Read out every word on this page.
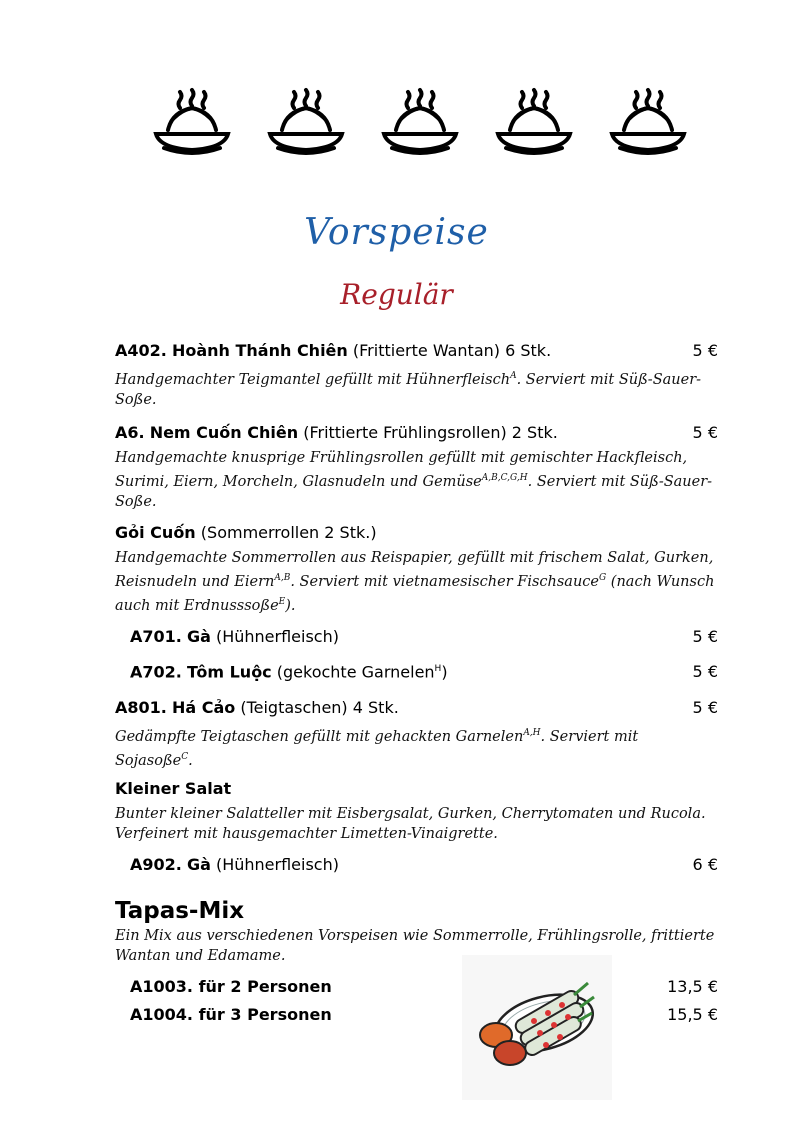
Vorspeise
Regulär
A402. Hoành Thánh Chiên (Frittierte Wantan) 6 Stk.	5 €
Handgemachter Teigmantel gefüllt mit Hühnerfleisch$^A$. Serviert mit Süß-Sauer-Soße.
A6. Nem Cuốn Chiên (Frittierte Frühlingsrollen) 2 Stk.	5 €
Handgemachte knusprige Frühlingsrollen gefüllt mit gemischter Hackfleisch, Surimi, Eiern, Morcheln, Glasnudeln und Gemüse$^{A,B,C,G,H}$. Serviert mit Süß-Sauer-Soße.
Gỏi Cuốn (Sommerrollen 2 Stk.)
Handgemachte Sommerrollen aus Reispapier, gefüllt mit frischem Salat, Gurken, Reisnudeln und Eiern$^{A,B}$. Serviert mit vietnamesischer Fischsauce$^G$ (nach Wunsch auch mit Erdnusssoße$^E$).
A701. Gà (Hühnerfleisch)	5 €
A702. Tôm Luộc (gekochte Garnelen$^H$)	5 €
A801. Há Cảo (Teigtaschen) 4 Stk.	5 €
Gedämpfte Teigtaschen gefüllt mit gehackten Garnelen$^{A,H}$. Serviert mit Sojasoße$^C$.
Kleiner Salat
Bunter kleiner Salatteller mit Eisbergsalat, Gurken, Cherrytomaten und Rucola. Verfeinert mit hausgemachter Limetten-Vinaigrette.
A902. Gà (Hühnerfleisch)	6 €
Tapas-Mix
Ein Mix aus verschiedenen Vorspeisen wie Sommerrolle, Frühlingsrolle, frittierte Wantan und Edamame.
A1003. für 2 Personen	13,5 €
A1004. für 3 Personen	15,5 €
